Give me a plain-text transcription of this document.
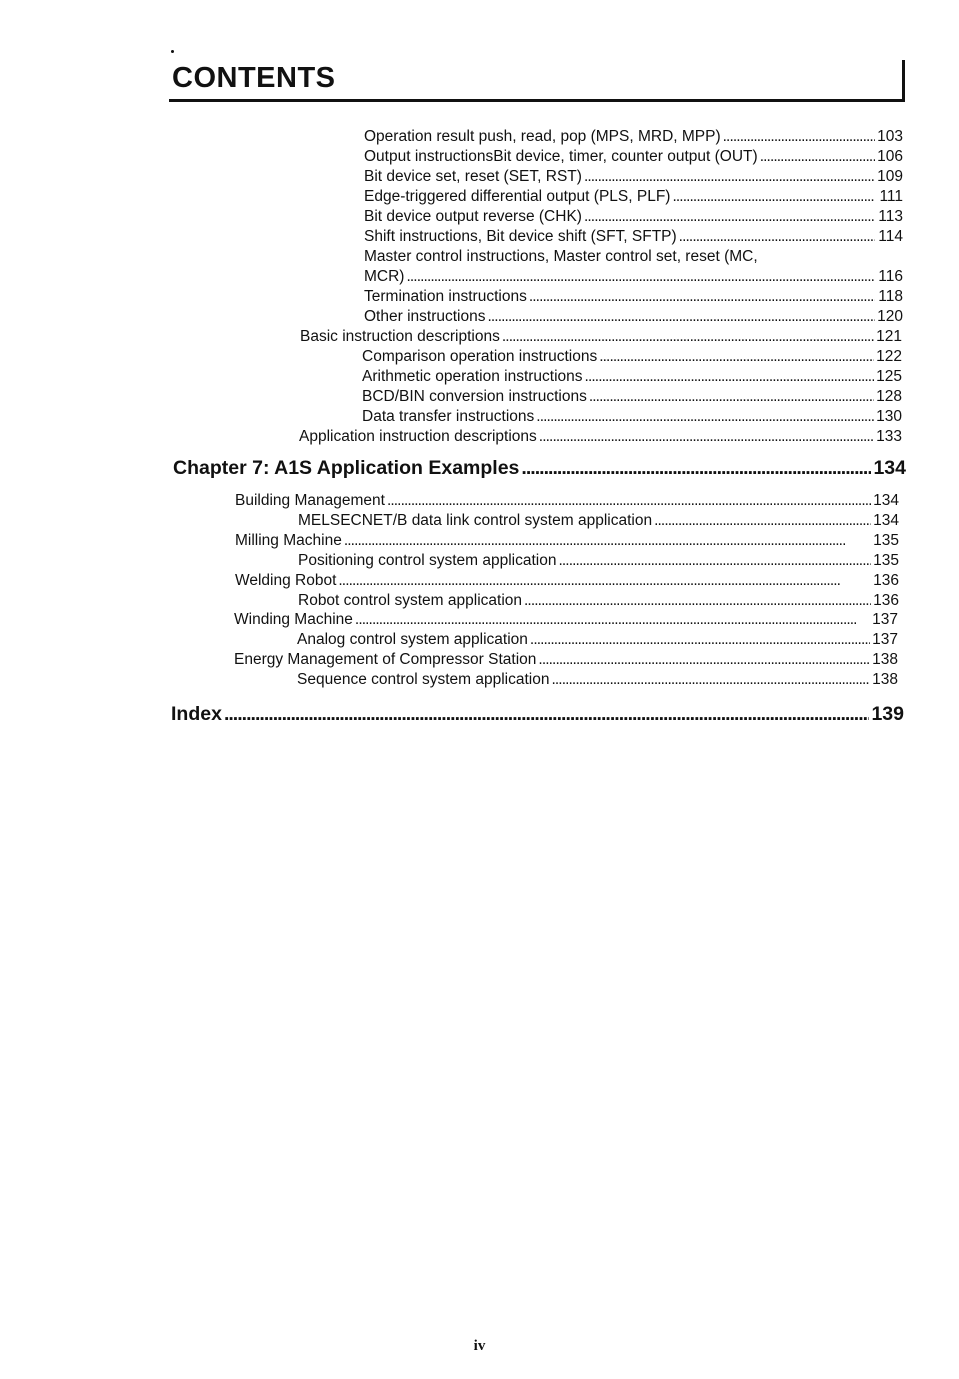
CONTENTS
Operation result push, read, pop (MPS, MRD, MPP) . . .	103
Output instructionsBit device, timer, counter output (OUT) . . .	106
Bit device set, reset (SET, RST) . . .	109
Edge-triggered differential output (PLS, PLF) . . .	111
Bit device output reverse (CHK) . . .	113
Shift instructions, Bit device shift (SFT, SFTP) . . .	114
Master control instructions, Master control set, reset (MC,
MCR) . . .	116
Termination instructions . . .	118
Other instructions . . .	120
Basic instruction descriptions . . .	121
Comparison operation instructions . . .	122
Arithmetic operation instructions . . .	125
BCD/BIN conversion instructions . . .	128
Data transfer instructions . . .	130
Application instruction descriptions . . .	133
Chapter 7: A1S Application Examples . . .	134
Building Management . . .	134
MELSECNET/B data link control system application . . .	134
Milling Machine . . .	135
Positioning control system application . . .	135
Welding Robot . . .	136
Robot control system application . . .	136
Winding Machine . . .	137
Analog control system application . . .	137
Energy Management of Compressor Station . . .	138
Sequence control system application . . .	138
Index . . .	139
iv
